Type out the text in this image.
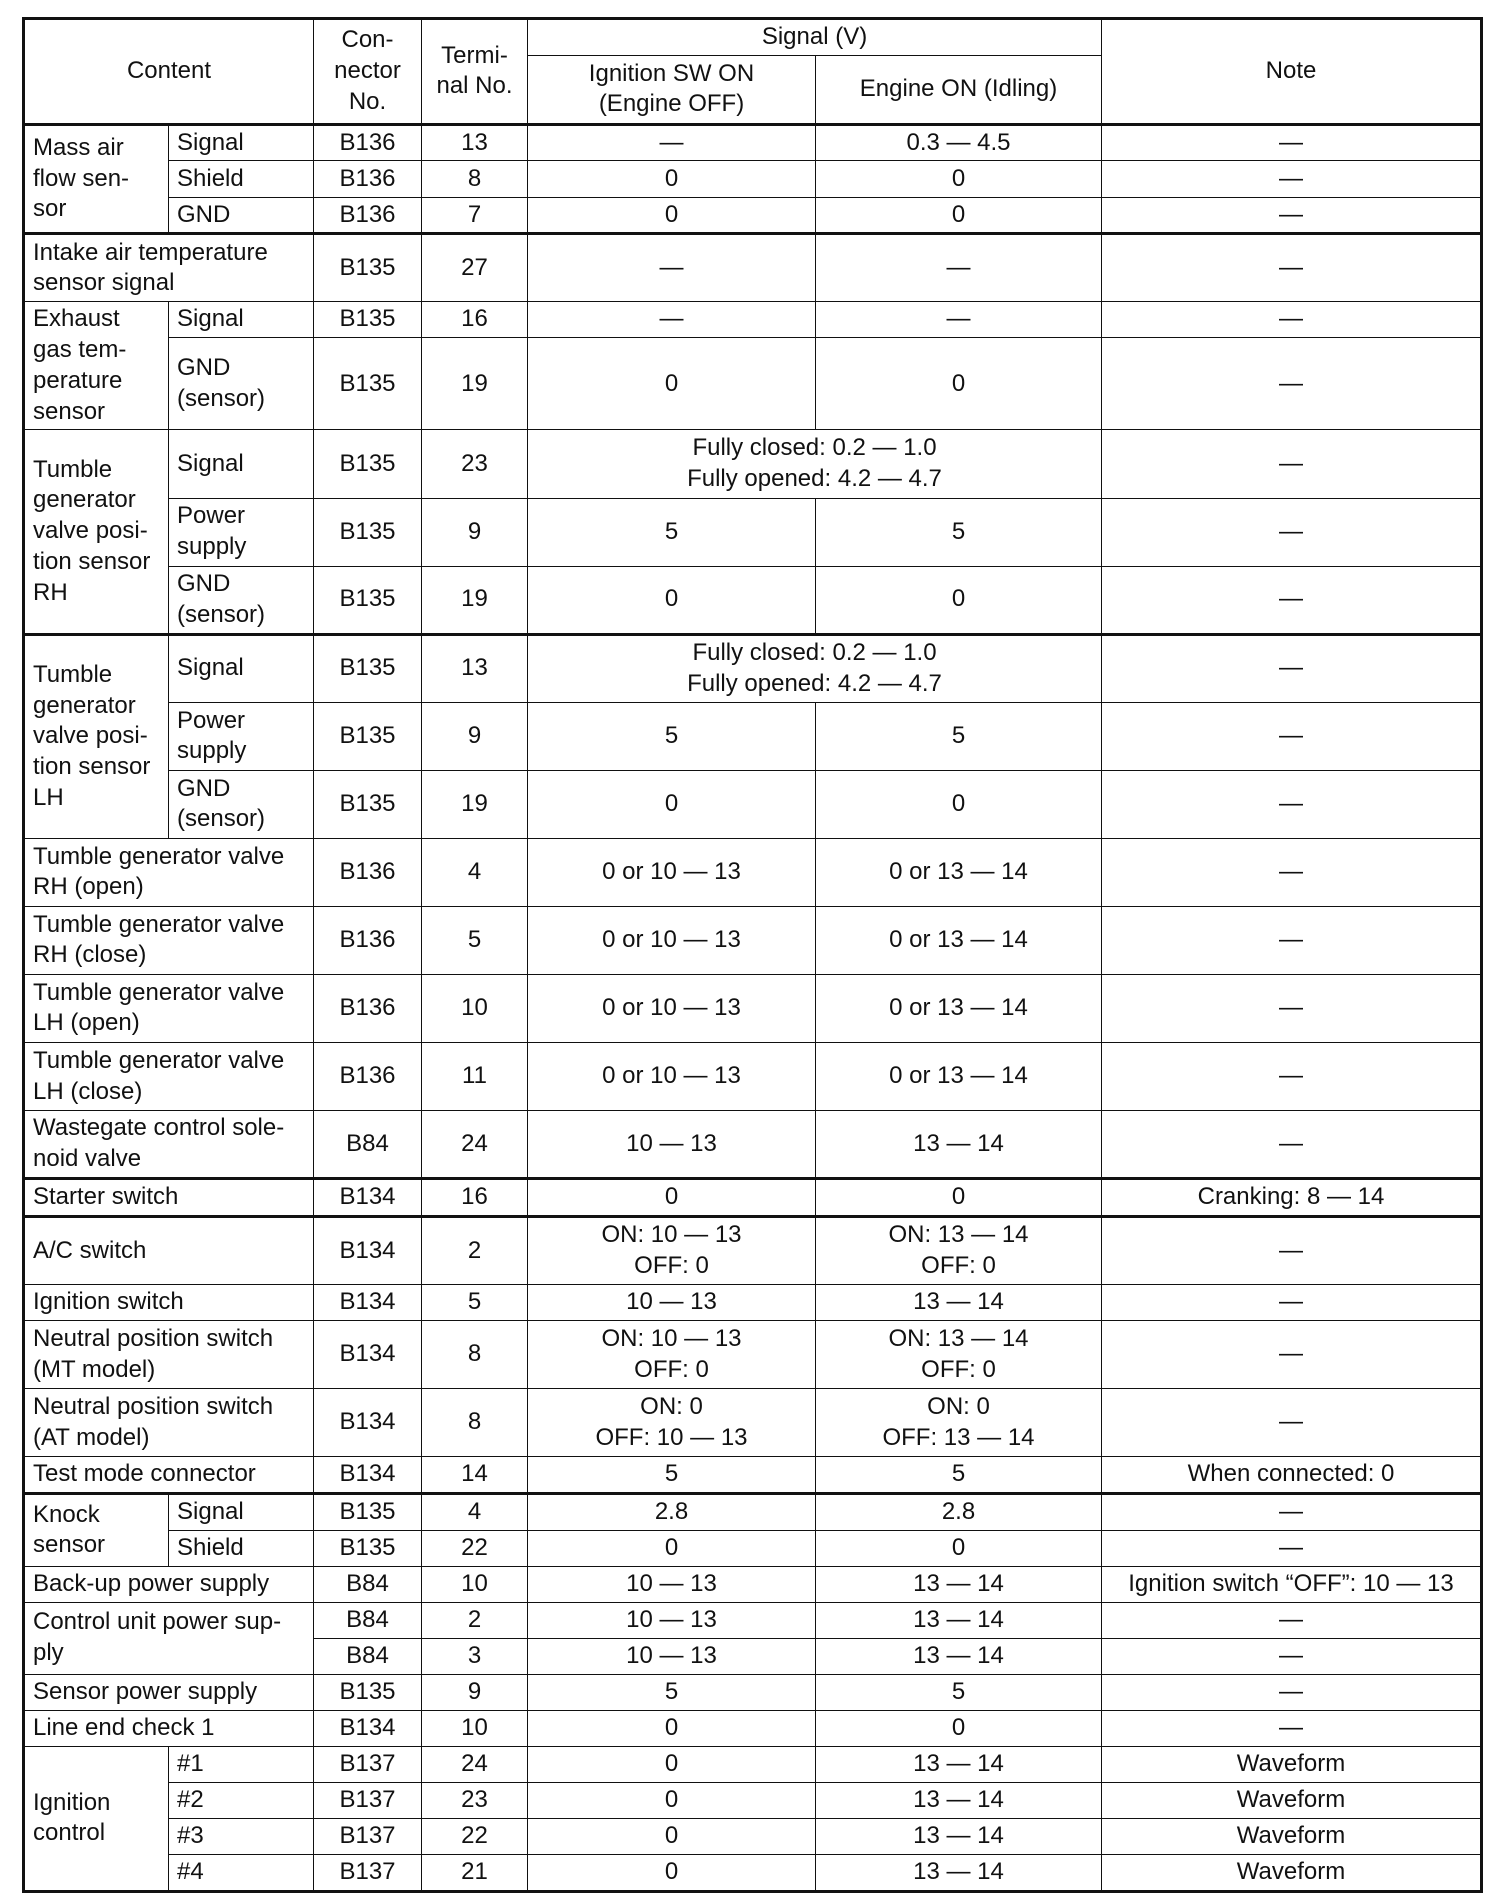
Content		Con-
nector
No.	Termi-
nal No.	Signal (V)		Note
				Ignition SW ON
(Engine OFF)	Engine ON (Idling)	
Mass air
flow sen-
sor	Signal	B136	13	—	0.3 — 4.5	—
	Shield	B136	8	0	0	—
	GND	B136	7	0	0	—
Intake air temperature
sensor signal		B135	27	—	—	—
Exhaust
gas tem-
perature
sensor	Signal	B135	16	—	—	—
	GND
(sensor)	B135	19	0	0	—
Tumble
generator
valve posi-
tion sensor
RH	Signal	B135	23	Fully closed: 0.2 — 1.0
Fully opened: 4.2 — 4.7		—
	Power
supply	B135	9	5	5	—
	GND
(sensor)	B135	19	0	0	—
Tumble
generator
valve posi-
tion sensor
LH	Signal	B135	13	Fully closed: 0.2 — 1.0
Fully opened: 4.2 — 4.7		—
	Power
supply	B135	9	5	5	—
	GND
(sensor)	B135	19	0	0	—
Tumble generator valve
RH (open)		B136	4	0 or 10 — 13	0 or 13 — 14	—
Tumble generator valve
RH (close)		B136	5	0 or 10 — 13	0 or 13 — 14	—
Tumble generator valve
LH (open)		B136	10	0 or 10 — 13	0 or 13 — 14	—
Tumble generator valve
LH (close)		B136	11	0 or 10 — 13	0 or 13 — 14	—
Wastegate control sole-
noid valve		B84	24	10 — 13	13 — 14	—
Starter switch		B134	16	0	0	Cranking: 8 — 14
A/C switch		B134	2	ON: 10 — 13
OFF: 0	ON: 13 — 14
OFF: 0	—
Ignition switch		B134	5	10 — 13	13 — 14	—
Neutral position switch
(MT model)		B134	8	ON: 10 — 13
OFF: 0	ON: 13 — 14
OFF: 0	—
Neutral position switch
(AT model)		B134	8	ON: 0
OFF: 10 — 13	ON: 0
OFF: 13 — 14	—
Test mode connector		B134	14	5	5	When connected: 0
Knock
sensor	Signal	B135	4	2.8	2.8	—
	Shield	B135	22	0	0	—
Back-up power supply		B84	10	10 — 13	13 — 14	Ignition switch “OFF”: 10 — 13
Control unit power sup-
ply		B84	2	10 — 13	13 — 14	—
		B84	3	10 — 13	13 — 14	—
Sensor power supply		B135	9	5	5	—
Line end check 1		B134	10	0	0	—
Ignition
control	#1	B137	24	0	13 — 14	Waveform
	#2	B137	23	0	13 — 14	Waveform
	#3	B137	22	0	13 — 14	Waveform
	#4	B137	21	0	13 — 14	Waveform
